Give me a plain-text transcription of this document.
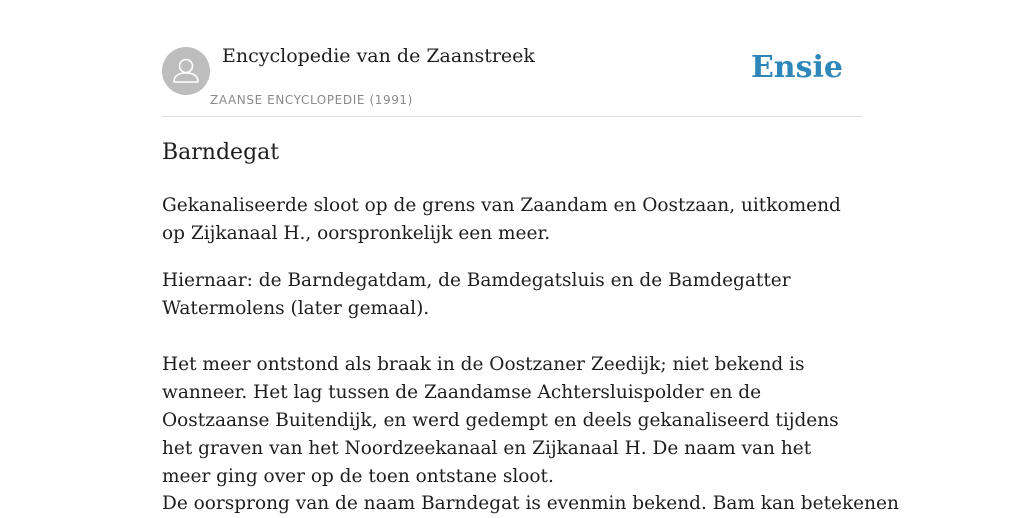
Encyclopedie van de Zaanstreek
ZAANSE ENCYCLOPEDIE (1991)
Ensie
Barndegat

Gekanaliseerde sloot op de grens van Zaandam en Oostzaan, uitkomend op Zijkanaal H., oorspronkelijk een meer.

Hiernaar: de Barndegatdam, de Bamdegatsluis en de Bamdegatter Watermolens (later gemaal).

Het meer ontstond als braak in de Oostzaner Zeedijk; niet bekend is wanneer. Het lag tussen de Zaandamse Achtersluispolder en de Oostzaanse Buitendijk, en werd gedempt en deels gekanaliseerd tijdens het graven van het Noordzeekanaal en Zijkanaal H. De naam van het meer ging over op de toen ontstane sloot.

De oorsprong van de naam Barndegat is evenmin bekend. Bam kan betekenen
